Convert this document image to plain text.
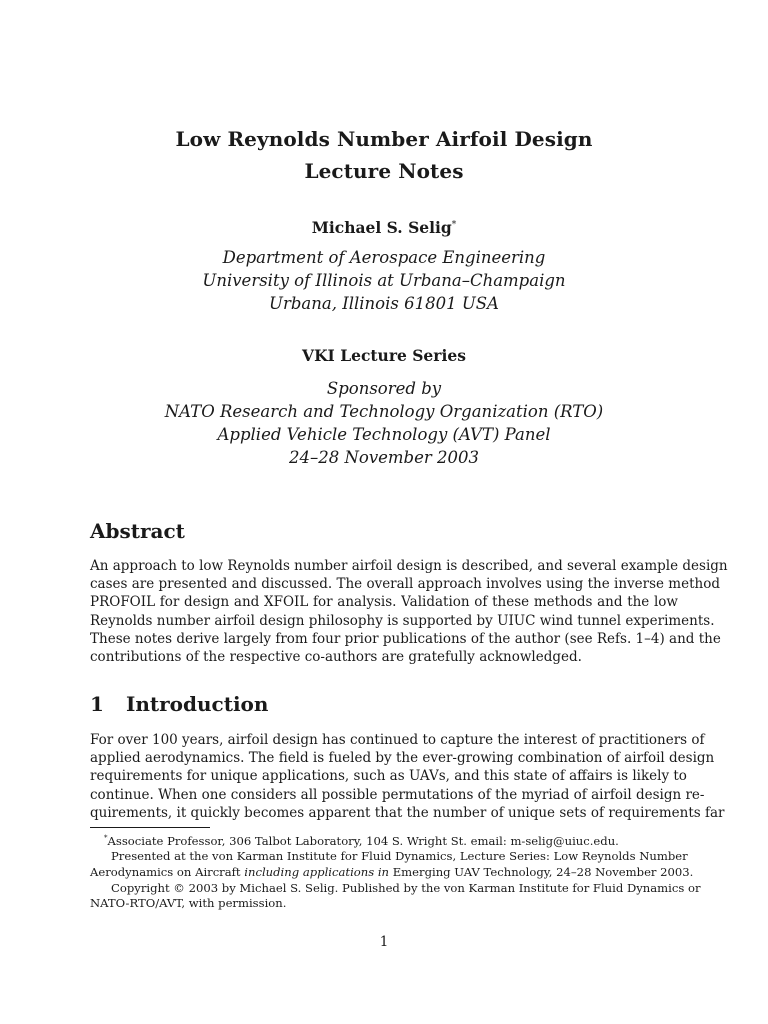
Low Reynolds Number Airfoil Design
Lecture Notes
Michael S. Selig*
Department of Aerospace Engineering
University of Illinois at Urbana–Champaign
Urbana, Illinois 61801 USA
VKI Lecture Series
Sponsored by
NATO Research and Technology Organization (RTO)
Applied Vehicle Technology (AVT) Panel
24–28 November 2003
Abstract
An approach to low Reynolds number airfoil design is described, and several example design
cases are presented and discussed. The overall approach involves using the inverse method
PROFOIL for design and XFOIL for analysis. Validation of these methods and the low
Reynolds number airfoil design philosophy is supported by UIUC wind tunnel experiments.
These notes derive largely from four prior publications of the author (see Refs. 1–4) and the
contributions of the respective co-authors are gratefully acknowledged.
1 Introduction
For over 100 years, airfoil design has continued to capture the interest of practitioners of
applied aerodynamics. The field is fueled by the ever-growing combination of airfoil design
requirements for unique applications, such as UAVs, and this state of affairs is likely to
continue. When one considers all possible permutations of the myriad of airfoil design re-
quirements, it quickly becomes apparent that the number of unique sets of requirements far
*Associate Professor, 306 Talbot Laboratory, 104 S. Wright St. email: m-selig@uiuc.edu.
Presented at the von Karman Institute for Fluid Dynamics, Lecture Series: Low Reynolds Number
Aerodynamics on Aircraft including applications in Emerging UAV Technology, 24–28 November 2003.
Copyright © 2003 by Michael S. Selig. Published by the von Karman Institute for Fluid Dynamics or
NATO-RTO/AVT, with permission.
1
